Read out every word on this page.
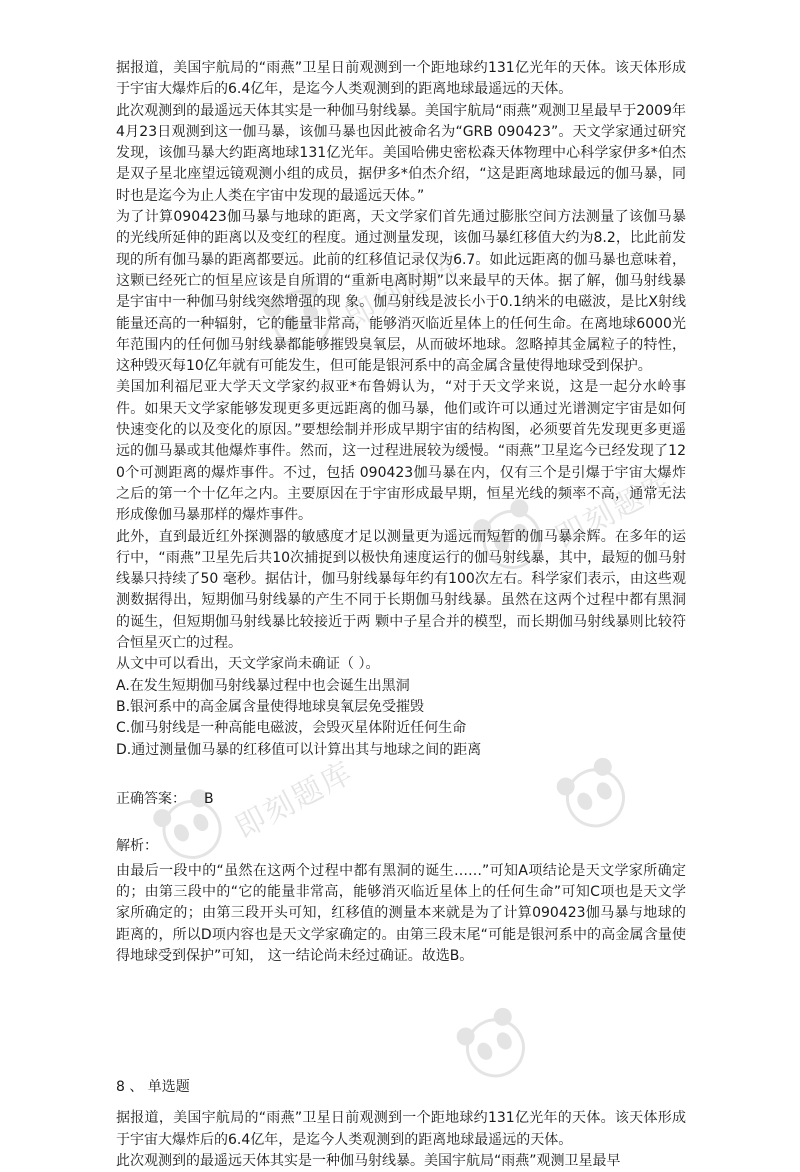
即刻题库
即刻题库
即刻题库

据报道，美国宇航局的“雨燕”卫星日前观测到一个距地球约131亿光年的天体。该天体形成于宇宙大爆炸后的6.4亿年，是迄今人类观测到的距离地球最遥远的天体。

此次观测到的最遥远天体其实是一种伽马射线暴。美国宇航局“雨燕”观测卫星最早于2009年4月23日观测到这一伽马暴，该伽马暴也因此被命名为“GRB 090423”。天文学家通过研究发现，该伽马暴大约距离地球131亿光年。美国哈佛史密松森天体物理中心科学家伊多*伯杰是双子星北座望远镜观测小组的成员，据伊多*伯杰介绍，“这是距离地球最远的伽马暴，同时也是迄今为止人类在宇宙中发现的最遥远天体。”

为了计算090423伽马暴与地球的距离，天文学家们首先通过膨胀空间方法测量了该伽马暴的光线所延伸的距离以及变红的程度。通过测量发现，该伽马暴红移值大约为8.2，比此前发现的所有伽马暴的距离都要远。此前的红移值记录仅为6.7。如此远距离的伽马暴也意味着，这颗已经死亡的恒星应该是自所谓的“重新电离时期”以来最早的天体。据了解，伽马射线暴是宇宙中一种伽马射线突然增强的现 象。伽马射线是波长小于0.1纳米的电磁波，是比X射线能量还高的一种辐射，它的能量非常高，能够消灭临近星体上的任何生命。在离地球6000光年范围内的任何伽马射线暴都能够摧毁臭氧层，从而破坏地球。忽略掉其金属粒子的特性，这种毁灭每10亿年就有可能发生，但可能是银河系中的高金属含量使得地球受到保护。

美国加利福尼亚大学天文学家约叔亚*布鲁姆认为，“对于天文学来说，这是一起分水岭事件。如果天文学家能够发现更多更远距离的伽马暴，他们或许可以通过光谱测定宇宙是如何快速变化的以及变化的原因。”要想绘制并形成早期宇宙的结构图，必须要首先发现更多更遥远的伽马暴或其他爆炸事件。然而，这一过程进展较为缓慢。“雨燕”卫星迄今已经发现了120个可测距离的爆炸事件。不过，包括 090423伽马暴在内，仅有三个是引爆于宇宙大爆炸之后的第一个十亿年之内。主要原因在于宇宙形成最早期，恒星光线的频率不高，通常无法形成像伽马暴那样的爆炸事件。

此外，直到最近红外探测器的敏感度才足以测量更为遥远而短暂的伽马暴余辉。在多年的运行中，“雨燕”卫星先后共10次捕捉到以极快角速度运行的伽马射线暴，其中，最短的伽马射线暴只持续了50 毫秒。据估计，伽马射线暴每年约有100次左右。科学家们表示，由这些观测数据得出，短期伽马射线暴的产生不同于长期伽马射线暴。虽然在这两个过程中都有黑洞的诞生，但短期伽马射线暴比较接近于两 颗中子星合并的模型，而长期伽马射线暴则比较符合恒星灭亡的过程。

从文中可以看出，天文学家尚未确证（ ）。

A.在发生短期伽马射线暴过程中也会诞生出黑洞

B.银河系中的高金属含量使得地球臭氧层免受摧毁

C.伽马射线是一种高能电磁波，会毁灭星体附近任何生命

D.通过测量伽马暴的红移值可以计算出其与地球之间的距离

正确答案： B

解析：

由最后一段中的“虽然在这两个过程中都有黑洞的诞生……”可知A项结论是天文学家所确定的；由第三段中的“它的能量非常高，能够消灭临近星体上的任何生命”可知C项也是天文学家所确定的；由第三段开头可知，红移值的测量本来就是为了计算090423伽马暴与地球的距离的，所以D项内容也是天文学家确定的。由第三段末尾“可能是银河系中的高金属含量使得地球受到保护”可知， 这一结论尚未经过确证。故选B。

8 、 单选题

据报道，美国宇航局的“雨燕”卫星日前观测到一个距地球约131亿光年的天体。该天体形成于宇宙大爆炸后的6.4亿年，是迄今人类观测到的距离地球最遥远的天体。

此次观测到的最遥远天体其实是一种伽马射线暴。美国宇航局“雨燕”观测卫星最早
